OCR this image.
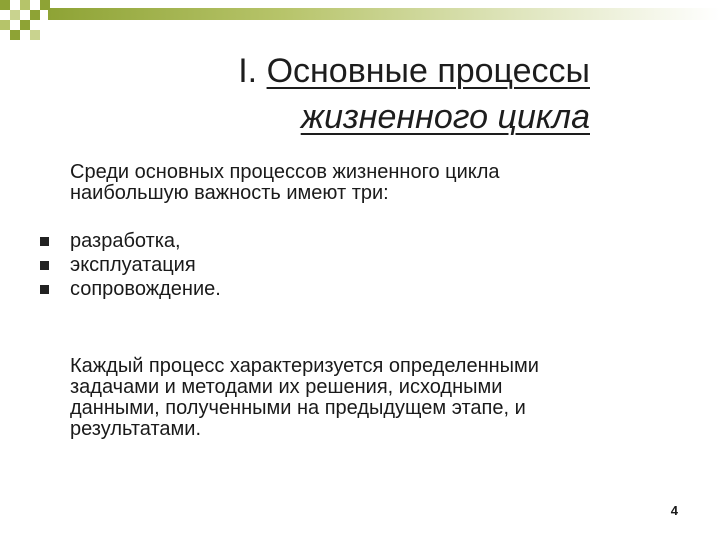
I. Основные процессы
жизненного цикла
Среди основных процессов жизненного цикла
наибольшую важность имеют три:
разработка,
эксплуатация
сопровождение.
Каждый процесс характеризуется определенными
задачами и методами их решения, исходными
данными, полученными на предыдущем этапе, и
результатами.
4
